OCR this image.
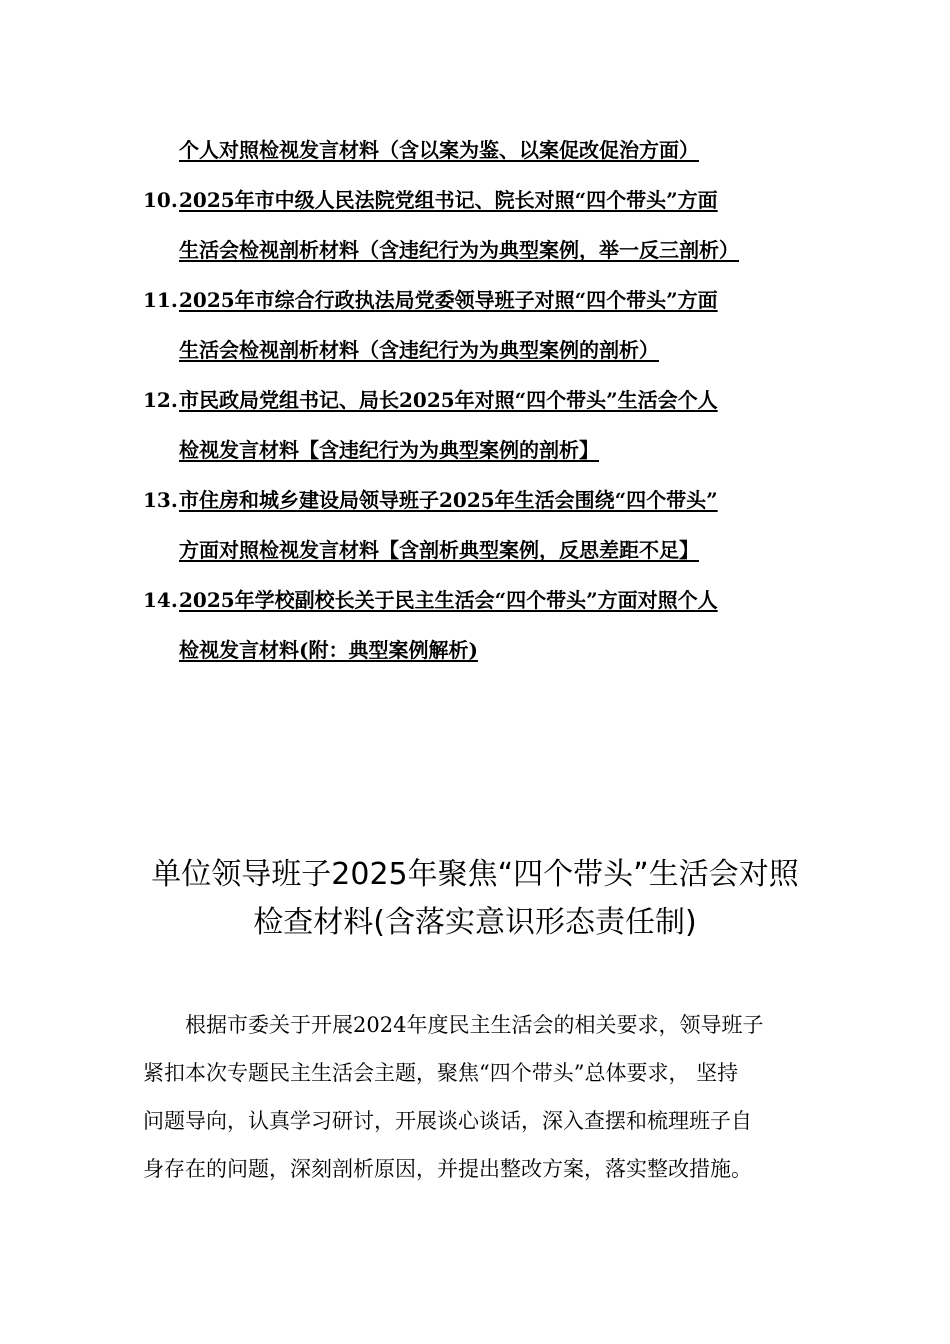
个人对照检视发言材料（含以案为鉴、以案促改促治方面）
10. 2025年市中级人民法院党组书记、院长对照“四个带头”方面
生活会检视剖析材料（含违纪行为为典型案例，举一反三剖析）
11. 2025年市综合行政执法局党委领导班子对照“四个带头”方面
生活会检视剖析材料（含违纪行为为典型案例的剖析）
12. 市民政局党组书记、局长2025年对照“四个带头”生活会个人
检视发言材料【含违纪行为为典型案例的剖析】
13. 市住房和城乡建设局领导班子2025年生活会围绕“四个带头”
方面对照检视发言材料【含剖析典型案例，反思差距不足】
14. 2025年学校副校长关于民主生活会“四个带头”方面对照个人
检视发言材料(附：典型案例解析)
单位领导班子2025年聚焦“四个带头”生活会对照
检查材料(含落实意识形态责任制)
　　根据市委关于开展2024年度民主生活会的相关要求，领导班子
紧扣本次专题民主生活会主题，聚焦“四个带头”总体要求， 坚持
问题导向，认真学习研讨，开展谈心谈话，深入查摆和梳理班子自
身存在的问题，深刻剖析原因，并提出整改方案，落实整改措施。
